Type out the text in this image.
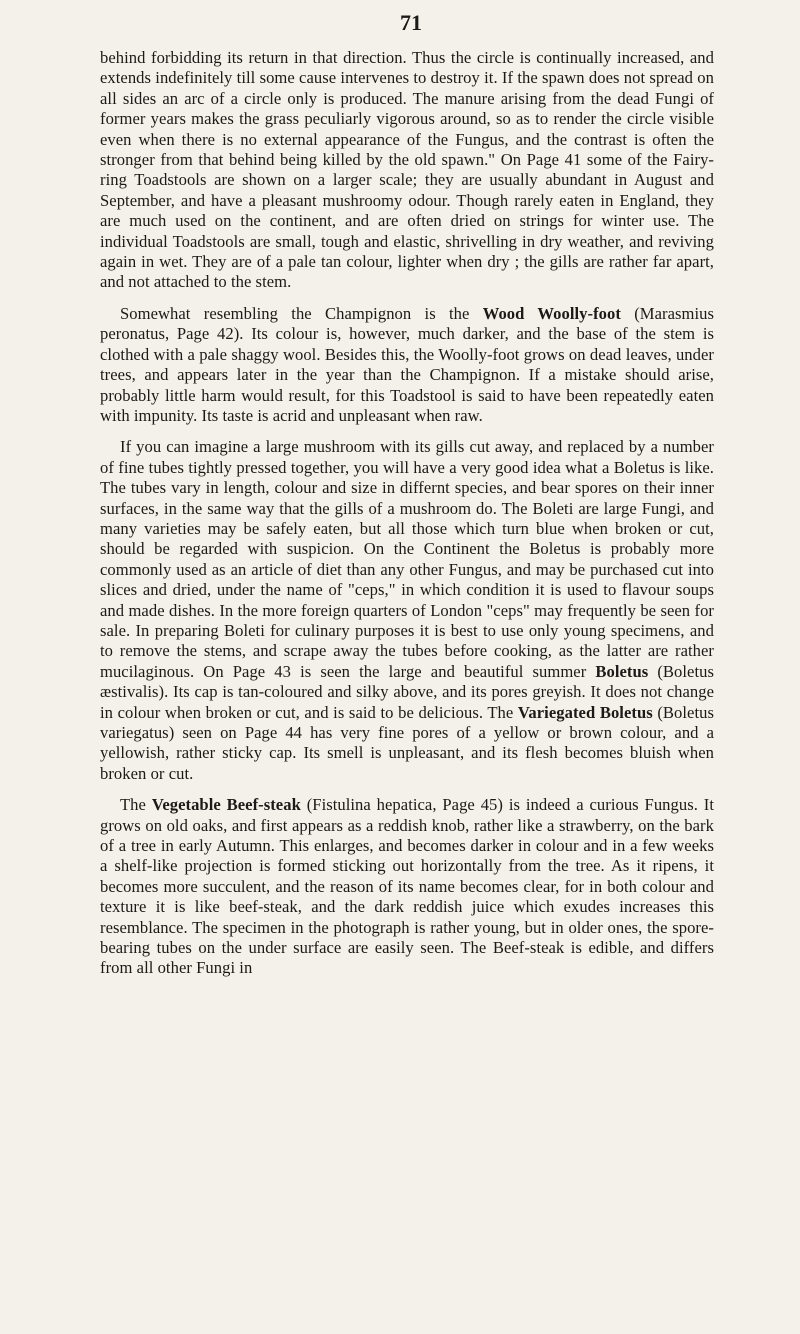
71

behind forbidding its return in that direction. Thus the circle is continually increased, and extends indefinitely till some cause intervenes to destroy it. If the spawn does not spread on all sides an arc of a circle only is produced. The manure arising from the dead Fungi of former years makes the grass peculiarly vigorous around, so as to render the circle visible even when there is no external appearance of the Fungus, and the contrast is often the stronger from that behind being killed by the old spawn." On Page 41 some of the Fairy-ring Toadstools are shown on a larger scale; they are usually abundant in August and September, and have a pleasant mushroomy odour. Though rarely eaten in England, they are much used on the continent, and are often dried on strings for winter use. The individual Toadstools are small, tough and elastic, shrivelling in dry weather, and reviving again in wet. They are of a pale tan colour, lighter when dry ; the gills are rather far apart, and not attached to the stem.

Somewhat resembling the Champignon is the Wood Woolly-foot (Marasmius peronatus, Page 42). Its colour is, however, much darker, and the base of the stem is clothed with a pale shaggy wool. Besides this, the Woolly-foot grows on dead leaves, under trees, and appears later in the year than the Champignon. If a mistake should arise, probably little harm would result, for this Toadstool is said to have been repeatedly eaten with impunity. Its taste is acrid and unpleasant when raw.

If you can imagine a large mushroom with its gills cut away, and replaced by a number of fine tubes tightly pressed together, you will have a very good idea what a Boletus is like. The tubes vary in length, colour and size in differnt species, and bear spores on their inner surfaces, in the same way that the gills of a mushroom do. The Boleti are large Fungi, and many varieties may be safely eaten, but all those which turn blue when broken or cut, should be regarded with suspicion. On the Continent the Boletus is probably more commonly used as an article of diet than any other Fungus, and may be purchased cut into slices and dried, under the name of "ceps," in which condition it is used to flavour soups and made dishes. In the more foreign quarters of London "ceps" may frequently be seen for sale. In preparing Boleti for culinary purposes it is best to use only young specimens, and to remove the stems, and scrape away the tubes before cooking, as the latter are rather mucilaginous. On Page 43 is seen the large and beautiful summer Boletus (Boletus æstivalis). Its cap is tan-coloured and silky above, and its pores greyish. It does not change in colour when broken or cut, and is said to be delicious. The Variegated Boletus (Boletus variegatus) seen on Page 44 has very fine pores of a yellow or brown colour, and a yellowish, rather sticky cap. Its smell is unpleasant, and its flesh becomes bluish when broken or cut.

The Vegetable Beef-steak (Fistulina hepatica, Page 45) is indeed a curious Fungus. It grows on old oaks, and first appears as a reddish knob, rather like a strawberry, on the bark of a tree in early Autumn. This enlarges, and becomes darker in colour and in a few weeks a shelf-like projection is formed sticking out horizontally from the tree. As it ripens, it becomes more succulent, and the reason of its name becomes clear, for in both colour and texture it is like beef-steak, and the dark reddish juice which exudes increases this resemblance. The specimen in the photograph is rather young, but in older ones, the spore-bearing tubes on the under surface are easily seen. The Beef-steak is edible, and differs from all other Fungi in
